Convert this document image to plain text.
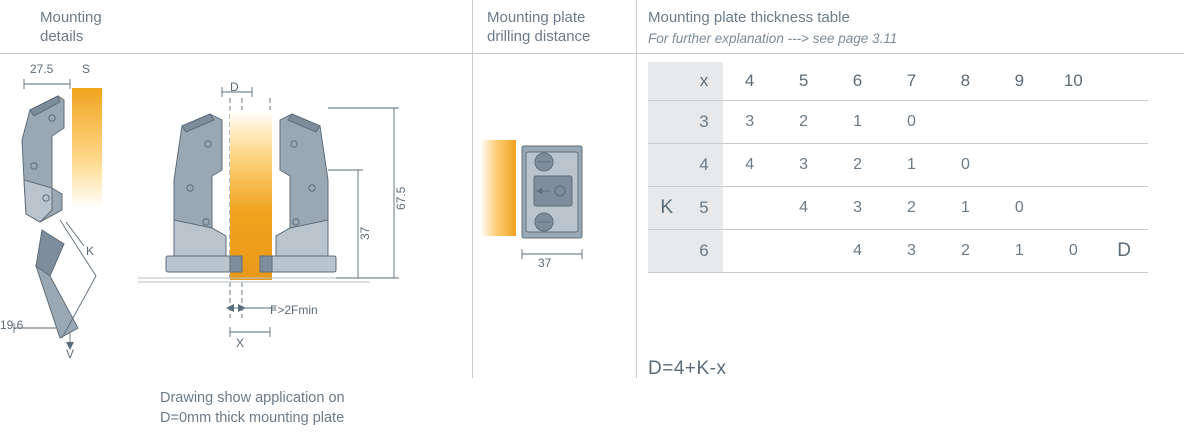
Mounting
details
Mounting plate
drilling distance
Mounting plate thickness table
For further explanation ---> see page 3.11
27.5 S
K
V
19.6
D
67.5
37
F>2Fmin
X
37
Drawing show application on
D=0mm thick mounting plate
	x	4	5	6	7	8	9	10	
	3	3	2	1	0				
	4	4	3	2	1	0			
K	5		4	3	2	1	0		
	6			4	3	2	1	0	D
D=4+K-x
